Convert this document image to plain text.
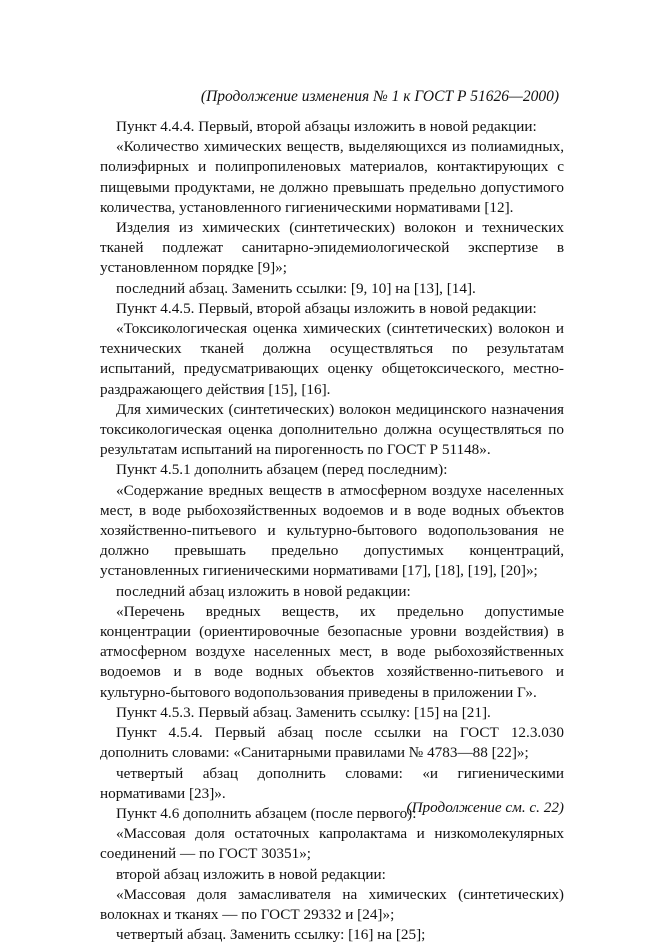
(Продолжение изменения № 1 к ГОСТ Р 51626—2000)

Пункт 4.4.4. Первый, второй абзацы изложить в новой редакции:

«Количество химических веществ, выделяющихся из полиамидных, полиэфирных и полипропиленовых материалов, контактирующих с пищевыми продуктами, не должно превышать предельно допустимого количества, установленного гигиеническими нормативами [12].

Изделия из химических (синтетических) волокон и технических тканей подлежат санитарно-эпидемиологической экспертизе в установленном порядке [9]»;

последний абзац. Заменить ссылки: [9, 10] на [13], [14].

Пункт 4.4.5. Первый, второй абзацы изложить в новой редакции:

«Токсикологическая оценка химических (синтетических) волокон и технических тканей должна осуществляться по результатам испытаний, предусматривающих оценку общетоксического, местно-раздражающего действия [15], [16].

Для химических (синтетических) волокон медицинского назначения токсикологическая оценка дополнительно должна осуществляться по результатам испытаний на пирогенность по ГОСТ Р 51148».

Пункт 4.5.1 дополнить абзацем (перед последним):

«Содержание вредных веществ в атмосферном воздухе населенных мест, в воде рыбохозяйственных водоемов и в воде водных объектов хозяйственно-питьевого и культурно-бытового водопользования не должно превышать предельно допустимых концентраций, установленных гигиеническими нормативами [17], [18], [19], [20]»;

последний абзац изложить в новой редакции:

«Перечень вредных веществ, их предельно допустимые концентрации (ориентировочные безопасные уровни воздействия) в атмосферном воздухе населенных мест, в воде рыбохозяйственных водоемов и в воде водных объектов хозяйственно-питьевого и культурно-бытового водопользования приведены в приложении Г».

Пункт 4.5.3. Первый абзац. Заменить ссылку: [15] на [21].

Пункт 4.5.4. Первый абзац после ссылки на ГОСТ 12.3.030 дополнить словами: «Санитарными правилами № 4783—88 [22]»;

четвертый абзац дополнить словами: «и гигиеническими нормативами [23]».

Пункт 4.6 дополнить абзацем (после первого):

«Массовая доля остаточных капролактама и низкомолекулярных соединений — по ГОСТ 30351»;

второй абзац изложить в новой редакции:

«Массовая доля замасливателя на химических (синтетических) волокнах и тканях — по ГОСТ 29332 и [24]»;

четвертый абзац. Заменить ссылку: [16] на [25];

(Продолжение см. с. 22)
